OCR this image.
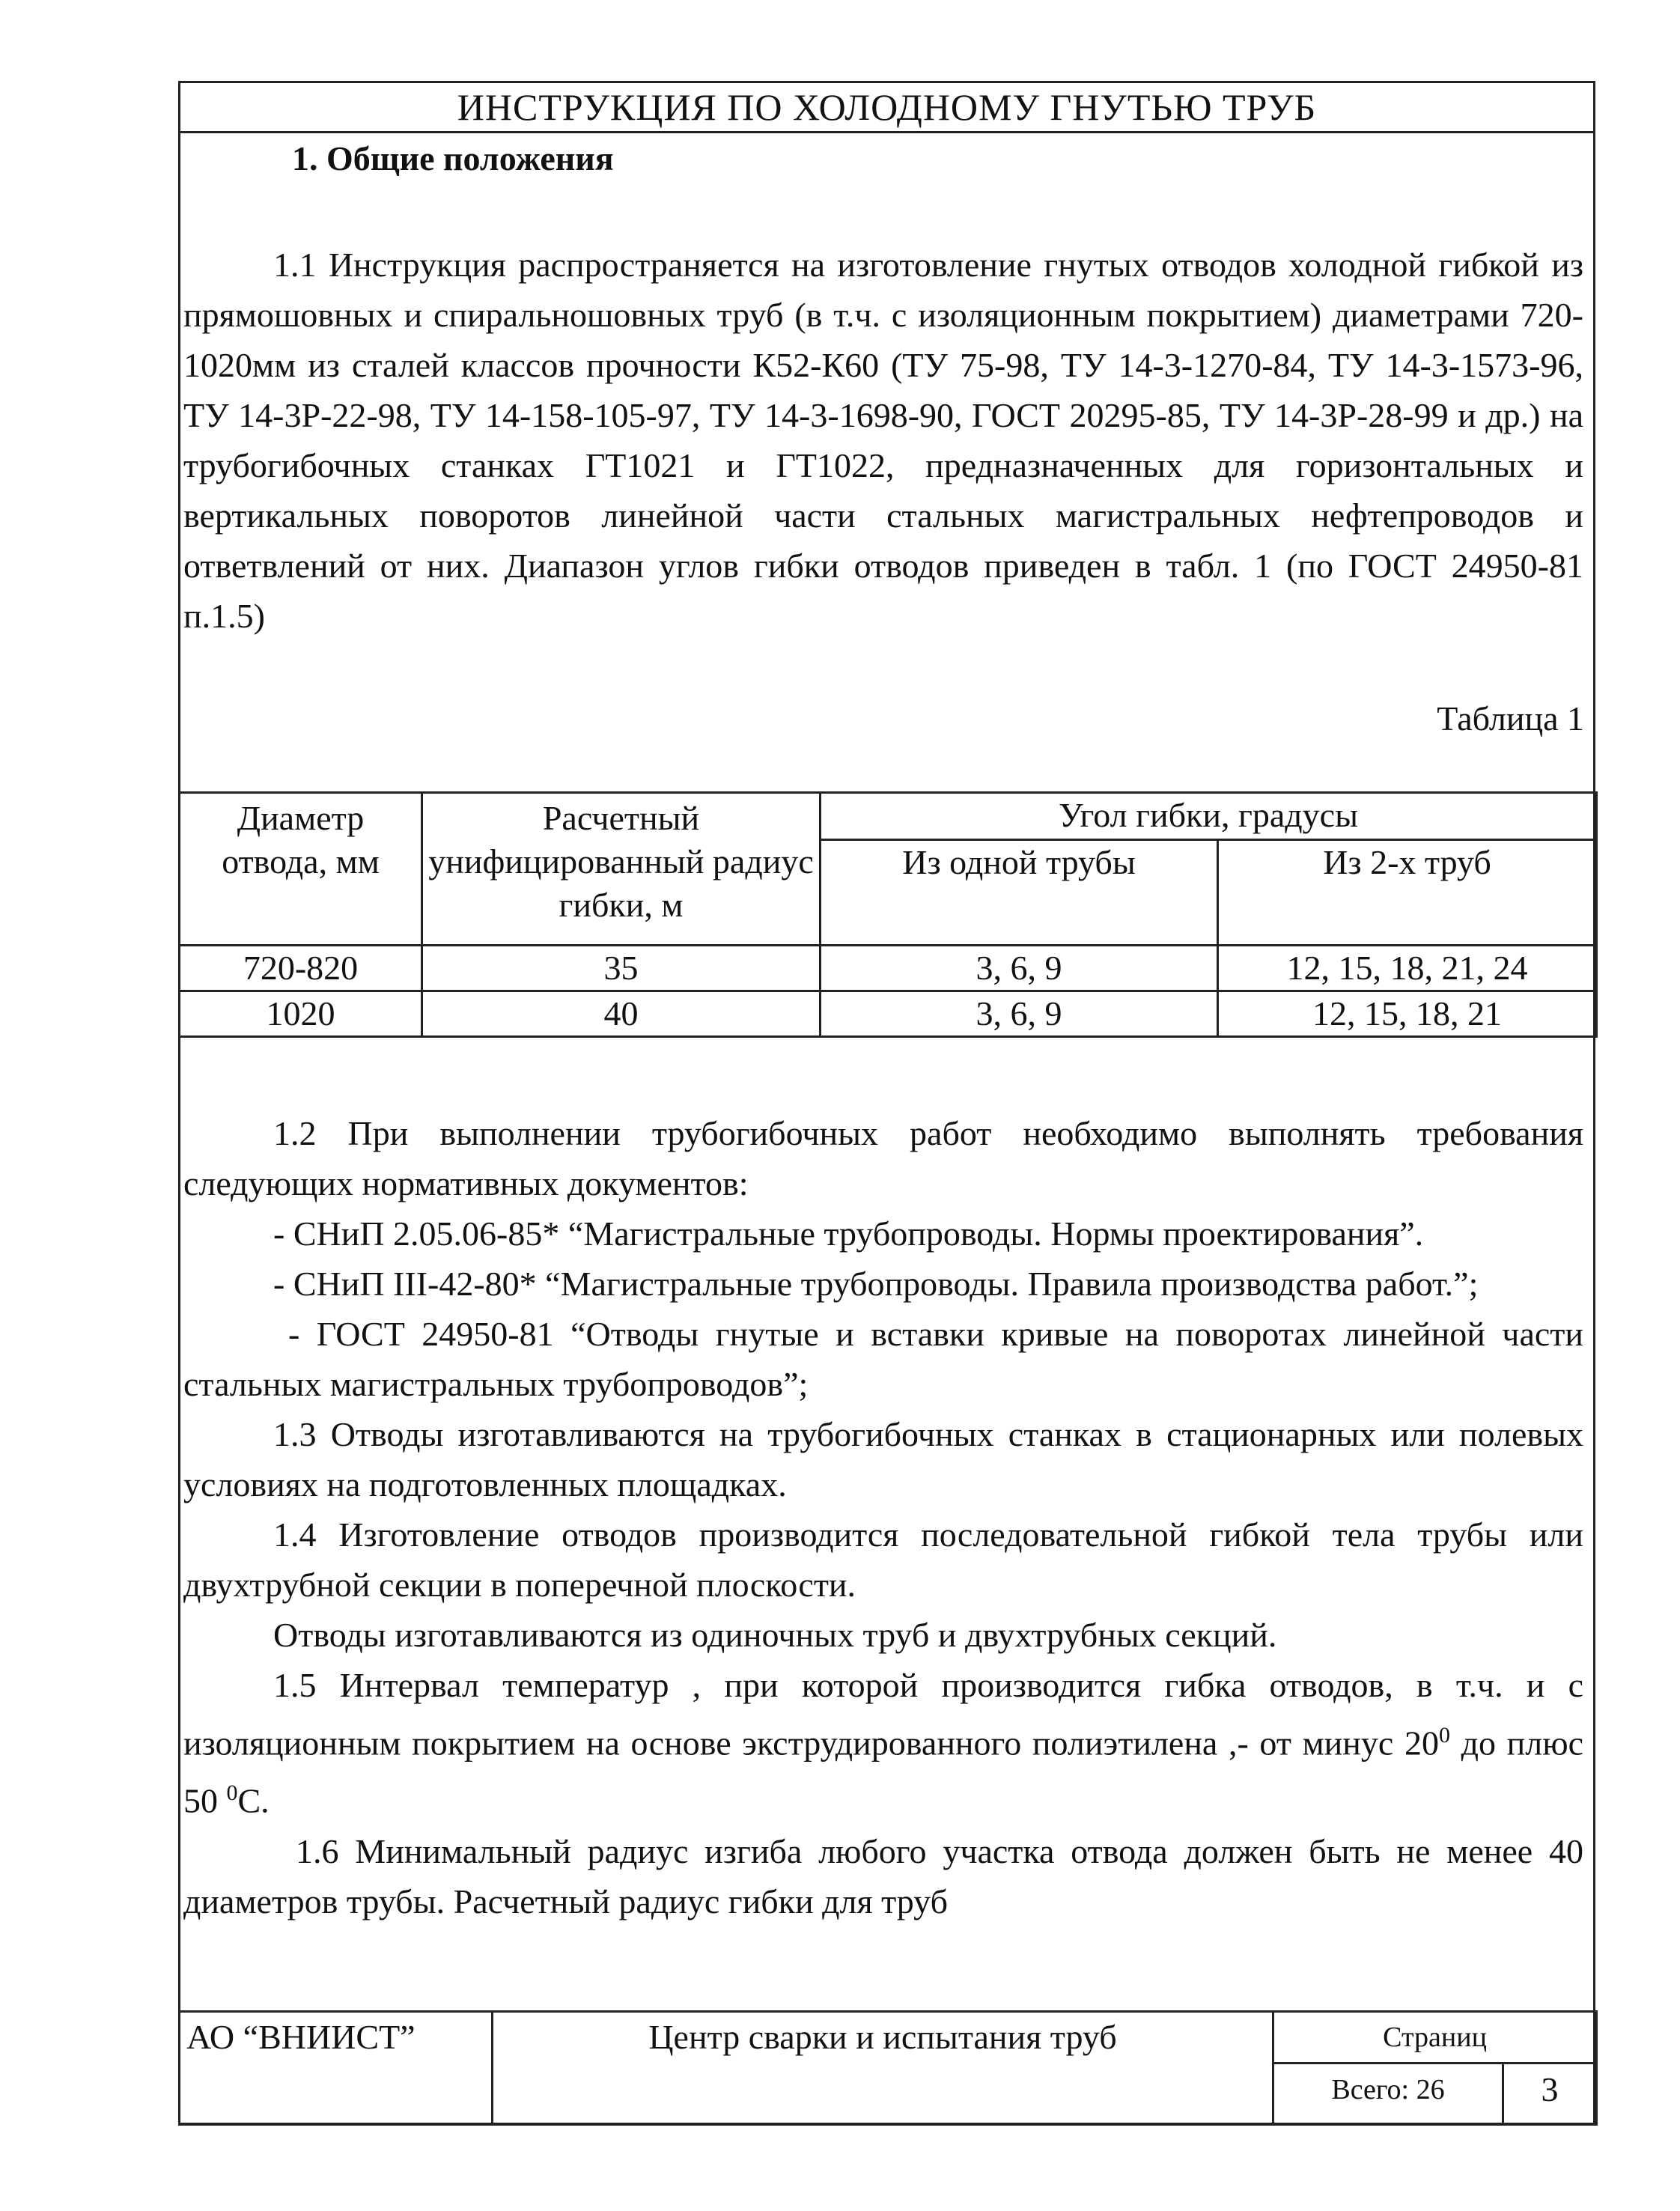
ИНСТРУКЦИЯ ПО ХОЛОДНОМУ ГНУТЬЮ ТРУБ
1. Общие положения

1.1 Инструкция распространяется на изготовление гнутых отводов холодной гибкой из прямошовных и спиральношовных труб (в т.ч. с изоляционным покрытием) диаметрами 720-1020мм из сталей классов прочности К52-К60 (ТУ 75-98, ТУ 14-3-1270-84, ТУ 14-3-1573-96, ТУ 14-3Р-22-98, ТУ 14-158-105-97, ТУ 14-3-1698-90, ГОСТ 20295-85, ТУ 14-3Р-28-99 и др.) на трубогибочных станках ГТ1021 и ГТ1022, предназначенных для горизонтальных и вертикальных поворотов линейной части стальных магистральных нефтепроводов и ответвлений от них. Диапазон углов гибки отводов приведен в табл. 1 (по ГОСТ 24950-81 п.1.5)

Таблица 1
Диаметр отвода, мм	Расчетный унифицированный радиус гибки, м	Угол гибки, градусы	
		Из одной трубы	Из 2-х труб
720-820	35	3, 6, 9	12, 15, 18, 21, 24
1020	40	3, 6, 9	12, 15, 18, 21

1.2 При выполнении трубогибочных работ необходимо выполнять требования следующих нормативных документов:

- СНиП 2.05.06-85* “Магистральные трубопроводы. Нормы проектирования”.

- СНиП III-42-80* “Магистральные трубопроводы. Правила производства работ.”;

- ГОСТ 24950-81 “Отводы гнутые и вставки кривые на поворотах линейной части стальных магистральных трубопроводов”;

1.3 Отводы изготавливаются на трубогибочных станках в стационарных или полевых условиях на подготовленных площадках.

1.4 Изготовление отводов производится последовательной гибкой тела трубы или двухтрубной секции в поперечной плоскости.

Отводы изготавливаются из одиночных труб и двухтрубных секций.

1.5 Интервал температур , при которой производится гибка отводов, в т.ч. и с изоляционным покрытием на основе экструдированного полиэтилена ,- от минус $20^0$ до плюс 50 $^0$С.

1.6 Минимальный радиус изгиба любого участка отвода должен быть не менее 40 диаметров трубы. Расчетный радиус гибки для труб

АО “ВНИИСТ”	Центр сварки и испытания труб	Страниц	
		Всего: 26	3
